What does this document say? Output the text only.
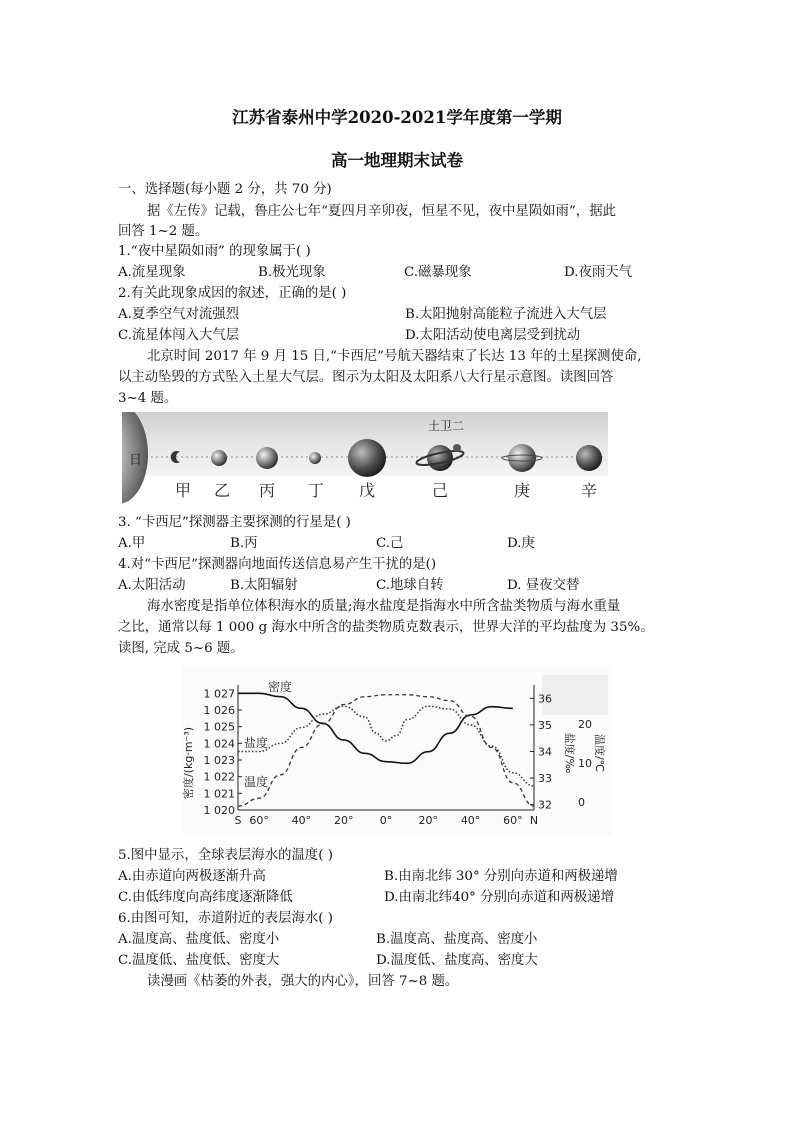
江苏省泰州中学2020-2021学年度第一学期
高一地理期末试卷
一、选择题(每小题 2 分，共 70 分)
据《左传》记载，鲁庄公七年“夏四月辛卯夜，恒星不见，夜中星陨如雨”，据此
回答 1~2 题。
1.“夜中星陨如雨” 的现象属于( )
A.流星现象	B.极光现象	C.磁暴现象	D.夜雨天气
2.有关此现象成因的叙述，正确的是( )
A.夏季空气对流强烈	B.太阳抛射高能粒子流进入大气层
C.流星体闯入大气层	D.太阳活动使电离层受到扰动
北京时间 2017 年 9 月 15 日,“卡西尼”号航天器结束了长达 13 年的土星探测使命,
以主动坠毁的方式坠入土星大气层。图示为太阳及太阳系八大行星示意图。读图回答
3~4 题。
日
土卫二
甲 乙 丙 丁 戊	己	庚	辛
3. “卡西尼”探测器主要探测的行星是( )
A.甲	B.丙	C.己	D.庚
4.对“卡西尼”探测器向地面传送信息易产生干扰的是()
A.太阳活动	B.太阳辐射	C.地球自转	D. 昼夜交替
海水密度是指单位体积海水的质量;海水盐度是指海水中所含盐类物质与海水重量
之比，通常以每 1 000 g 海水中所含的盐类物质克数表示，世界大洋的平均盐度为 35%。
读图, 完成 5~6 题。
密度/(kg·m⁻³)	盐度/‰ 温度/℃
S 60° 40° 20° 0° 20° 40° 60° N
1 020
1 021
1 022
1 023
1 024
1 025
1 026
1 027
32
33
34
35
36
0
10
20
密度
盐度
温度
5.图中显示，全球表层海水的温度( )
A.由赤道向两极逐渐升高	B.由南北纬 30° 分别向赤道和两极递增
C.由低纬度向高纬度逐渐降低	D.由南北纬40° 分别向赤道和两极递增
6.由图可知，赤道附近的表层海水( )
A.温度高、盐度低、密度小	B.温度高、盐度高、密度小
C.温度低、盐度低、密度大	D.温度低、盐度高、密度大
读漫画《枯萎的外表，强大的内心》，回答 7~8 题。
